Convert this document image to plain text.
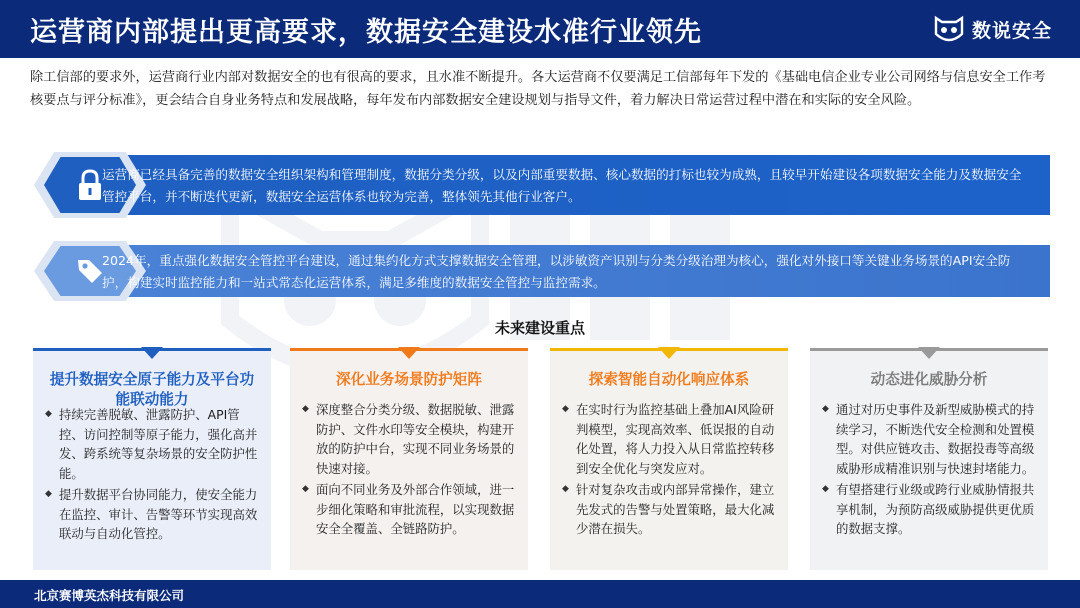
运营商内部提出更高要求，数据安全建设水准行业领先	数说安全
除工信部的要求外，运营商行业内部对数据安全的也有很高的要求，且水准不断提升。各大运营商不仅要满足工信部每年下发的《基础电信企业专业公司网络与信息安全工作考核要点与评分标准》，更会结合自身业务特点和发展战略，每年发布内部数据安全建设规划与指导文件，着力解决日常运营过程中潜在和实际的安全风险。
运营商已经具备完善的数据安全组织架构和管理制度，数据分类分级，以及内部重要数据、核心数据的打标也较为成熟，且较早开始建设各项数据安全能力及数据安全管控平台，并不断迭代更新，数据安全运营体系也较为完善，整体领先其他行业客户。
2024年，重点强化数据安全管控平台建设，通过集约化方式支撑数据安全管理，以涉敏资产识别与分类分级治理为核心，强化对外接口等关键业务场景的API安全防护，构建实时监控能力和一站式常态化运营体系，满足多维度的数据安全管控与监控需求。
未来建设重点
提升数据安全原子能力及平台功能联动能力
◆ 持续完善脱敏、泄露防护、API管控、访问控制等原子能力，强化高并发、跨系统等复杂场景的安全防护性能。
◆ 提升数据平台协同能力，使安全能力在监控、审计、告警等环节实现高效联动与自动化管控。
深化业务场景防护矩阵
◆ 深度整合分类分级、数据脱敏、泄露防护、文件水印等安全模块，构建开放的防护中台，实现不同业务场景的快速对接。
◆ 面向不同业务及外部合作领域，进一步细化策略和审批流程，以实现数据安全全覆盖、全链路防护。
探索智能自动化响应体系
◆ 在实时行为监控基础上叠加AI风险研判模型，实现高效率、低误报的自动化处置，将人力投入从日常监控转移到安全优化与突发应对。
◆ 针对复杂攻击或内部异常操作，建立先发式的告警与处置策略，最大化减少潜在损失。
动态进化威胁分析
◆ 通过对历史事件及新型威胁模式的持续学习，不断迭代安全检测和处置模型。对供应链攻击、数据投毒等高级威胁形成精准识别与快速封堵能力。
◆ 有望搭建行业级或跨行业威胁情报共享机制，为预防高级威胁提供更优质的数据支撑。
北京赛博英杰科技有限公司
